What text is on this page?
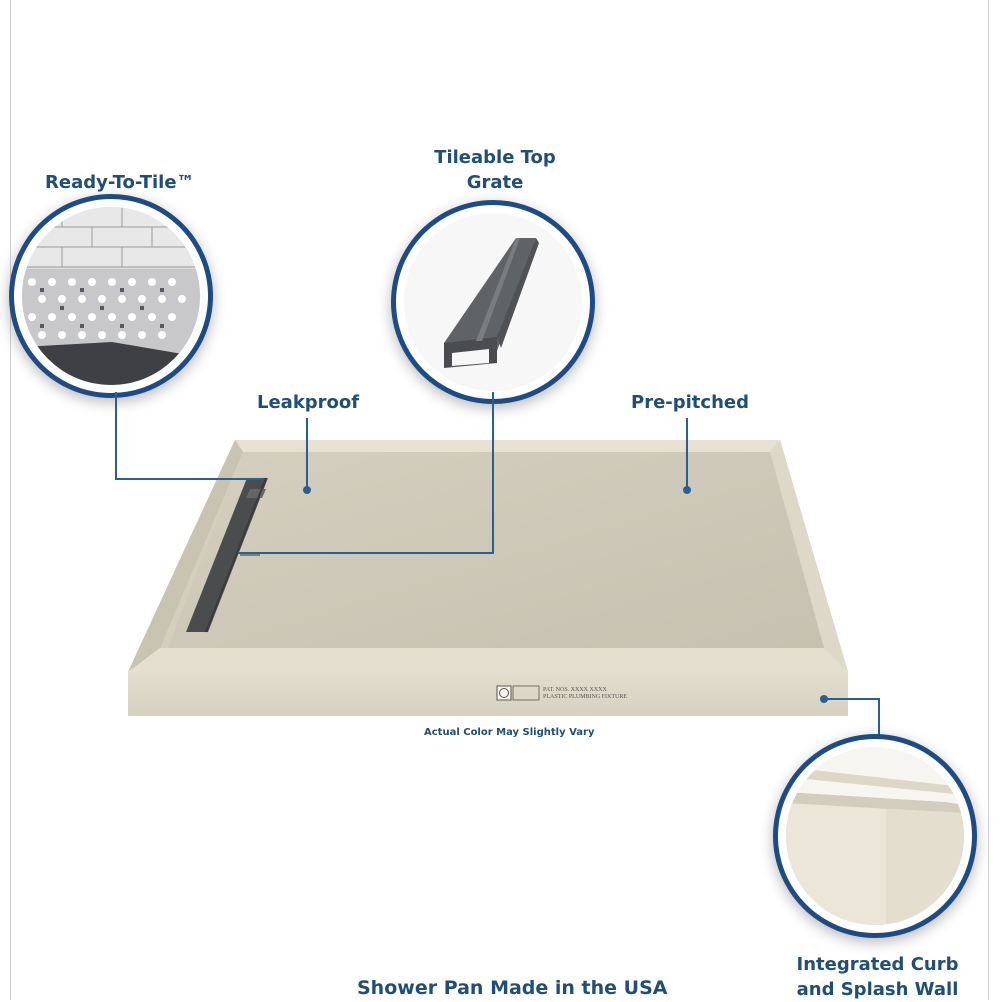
PAT. NOS. XXXX XXXX
PLASTIC PLUMBING FIXTURE
Ready-To-Tile™
Tileable Top
Grate
Leakproof	Pre-pitched
Integrated Curb
and Splash Wall
Actual Color May Slightly Vary
Shower Pan Made in the USA
